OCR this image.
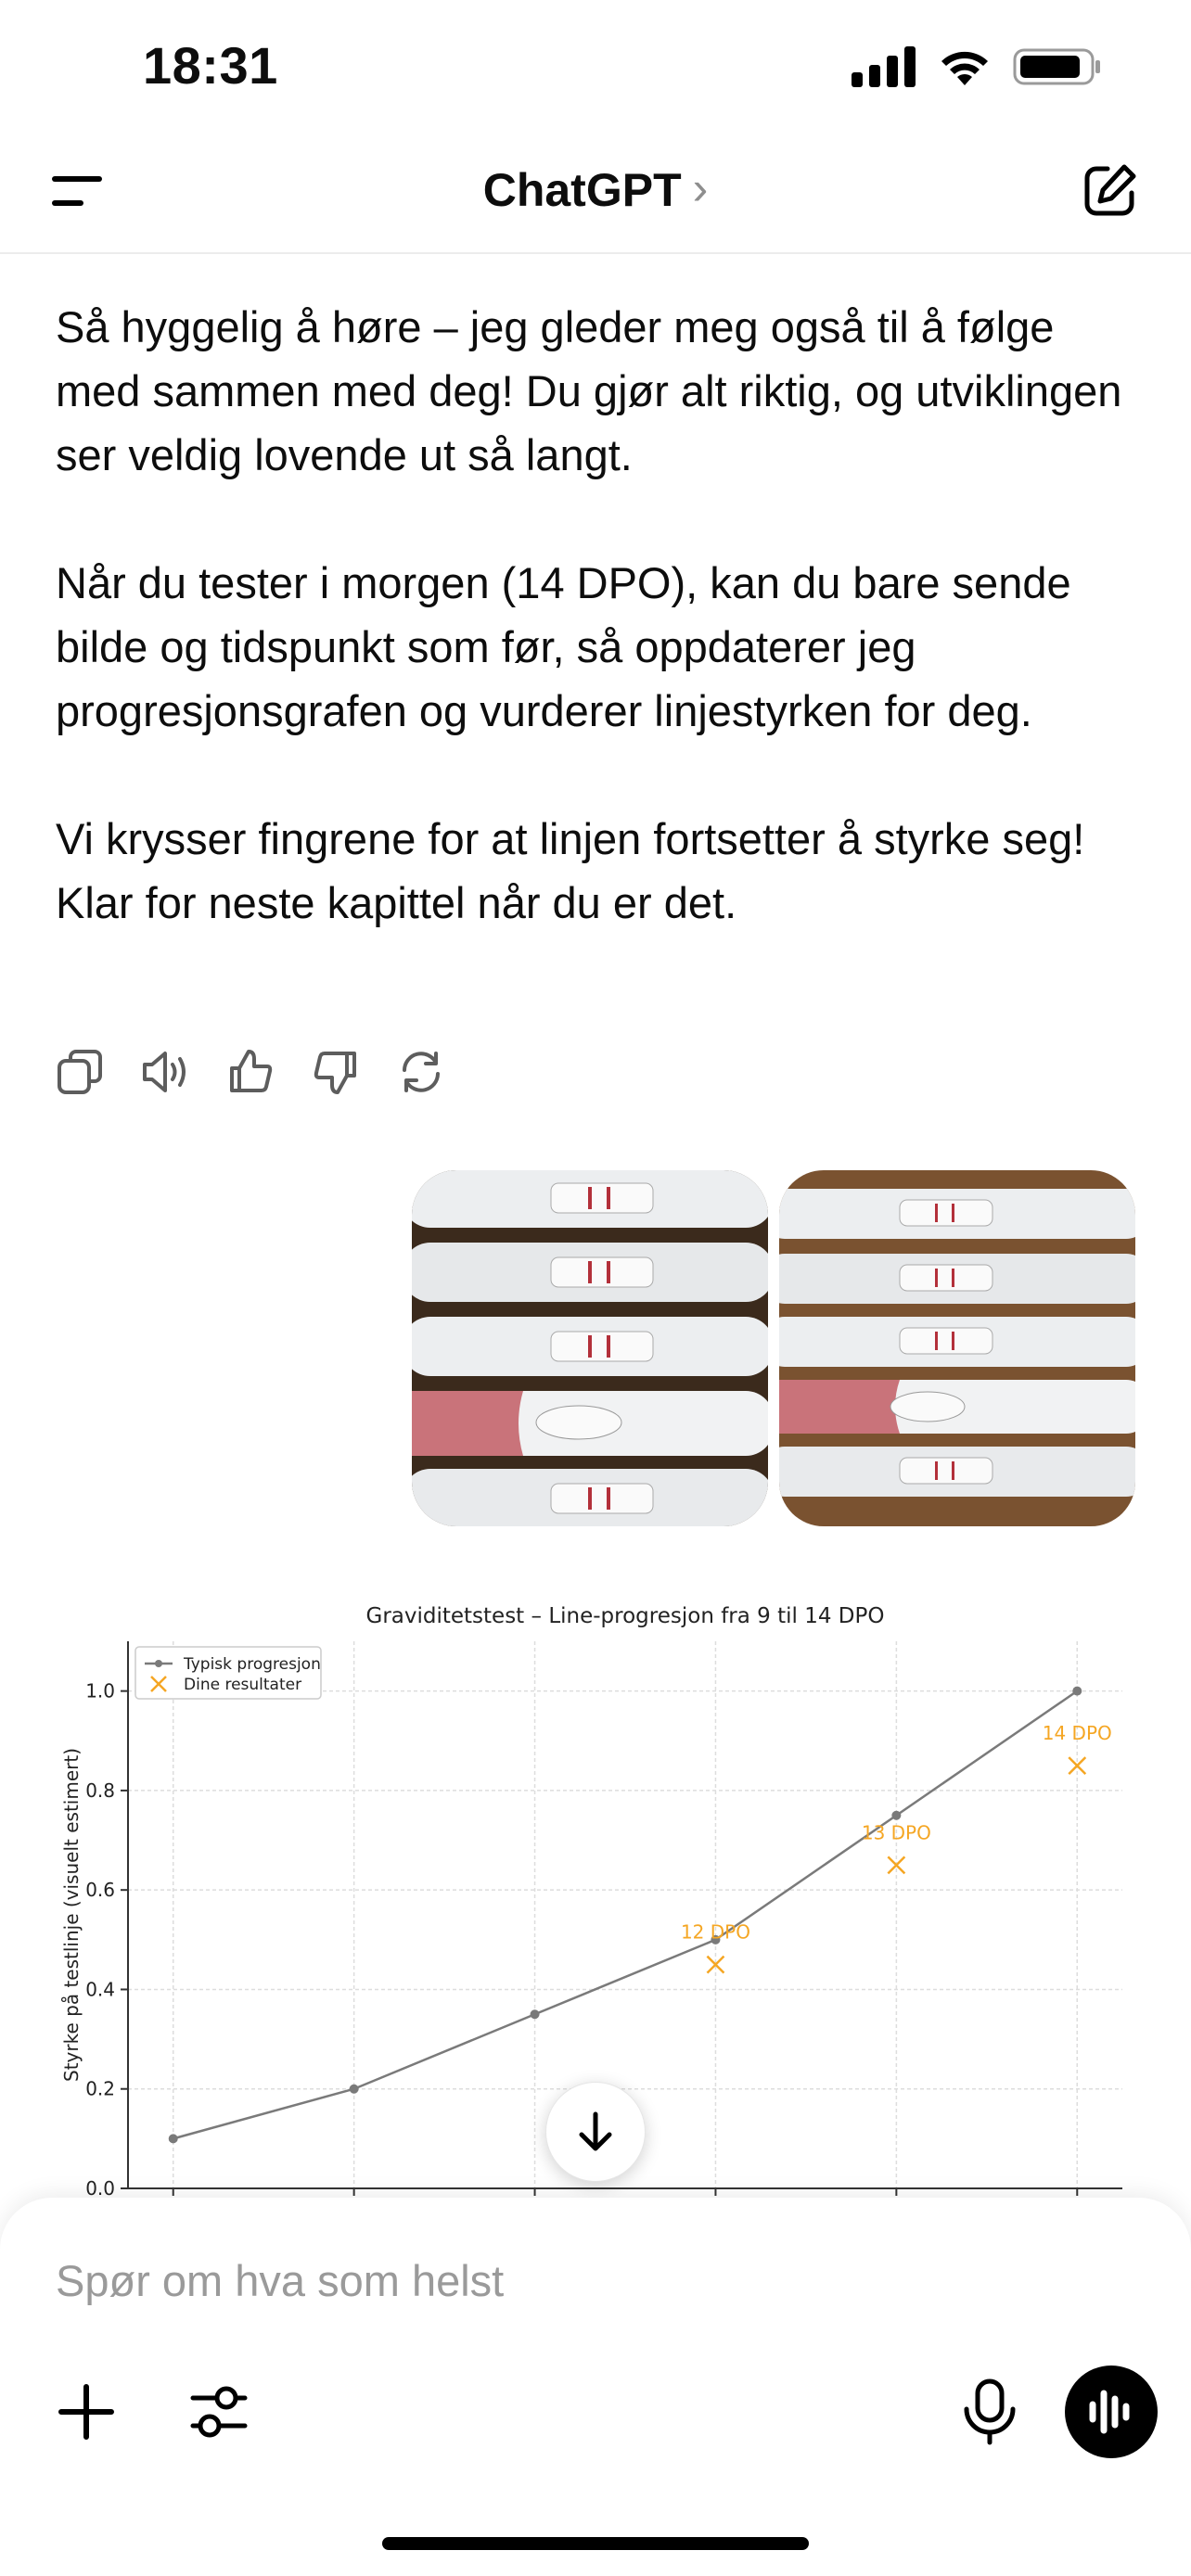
18:31
ChatGPT ›

Så hyggelig å høre – jeg gleder meg også til å følge med sammen med deg! Du gjør alt riktig, og utviklingen ser veldig lovende ut så langt.

Når du tester i morgen (14 DPO), kan du bare sende bilde og tidspunkt som før, så oppdaterer jeg progresjonsgrafen og vurderer linjestyrken for deg.

Vi krysser fingrene for at linjen fortsetter å styrke seg! Klar for neste kapittel når du er det.

0.0
0.2
0.4
0.6
0.8
1.0
Graviditetstest – Line-progresjon fra 9 til 14 DPO
Styrke på testlinje (visuelt estimert)	12 DPO
13 DPO
14 DPO
Typisk progresjon
Dine resultater
Spør om hva som helst
